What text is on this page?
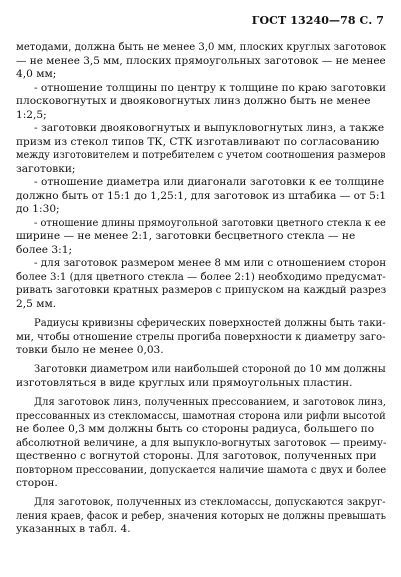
ГОСТ 13240—78 С. 7
методами, должна быть не менее 3,0 мм, плоских круглых заготовок
— не менее 3,5 мм, плоских прямоугольных заготовок — не менее
4,0 мм;
- отношение толщины по центру к толщине по краю заготовки
плосковогнутых и двояковогнутых линз должно быть не менее
1:2,5;
- заготовки двояковогнутых и выпукловогнутых линз, а также
призм из стекол типов ТК, СТК изготавливают по согласованию
между изготовителем и потребителем с учетом соотношения размеров
заготовки;
- отношение диаметра или диагонали заготовки к ее толщине
должно быть от 15:1 до 1,25:1, для заготовок из штабика — от 5:1
до 1:30;
- отношение длины прямоугольной заготовки цветного стекла к ее
ширине — не менее 2:1, заготовки бесцветного стекла — не
более 3:1;
- для заготовок размером менее 8 мм или с отношением сторон
более 3:1 (для цветного стекла — более 2:1) необходимо предусмат-
ривать заготовки кратных размеров с припуском на каждый разрез
2,5 мм.
Радиусы кривизны сферических поверхностей должны быть таки-
ми, чтобы отношение стрелы прогиба поверхности к диаметру заго-
товки было не менее 0,03.
Заготовки диаметром или наибольшей стороной до 10 мм должны
изготовляться в виде круглых или прямоугольных пластин.
Для заготовок линз, полученных прессованием, и заготовок линз,
прессованных из стекломассы, шамотная сторона или рифли высотой
не более 0,3 мм должны быть со стороны радиуса, большего по
абсолютной величине, а для выпукло-вогнутых заготовок — преиму-
щественно с вогнутой стороны. Для заготовок, полученных при
повторном прессовании, допускается наличие шамота с двух и более
сторон.
Для заготовок, полученных из стекломассы, допускаются закруг-
ления краев, фасок и ребер, значения которых не должны превышать
указанных в табл. 4.
